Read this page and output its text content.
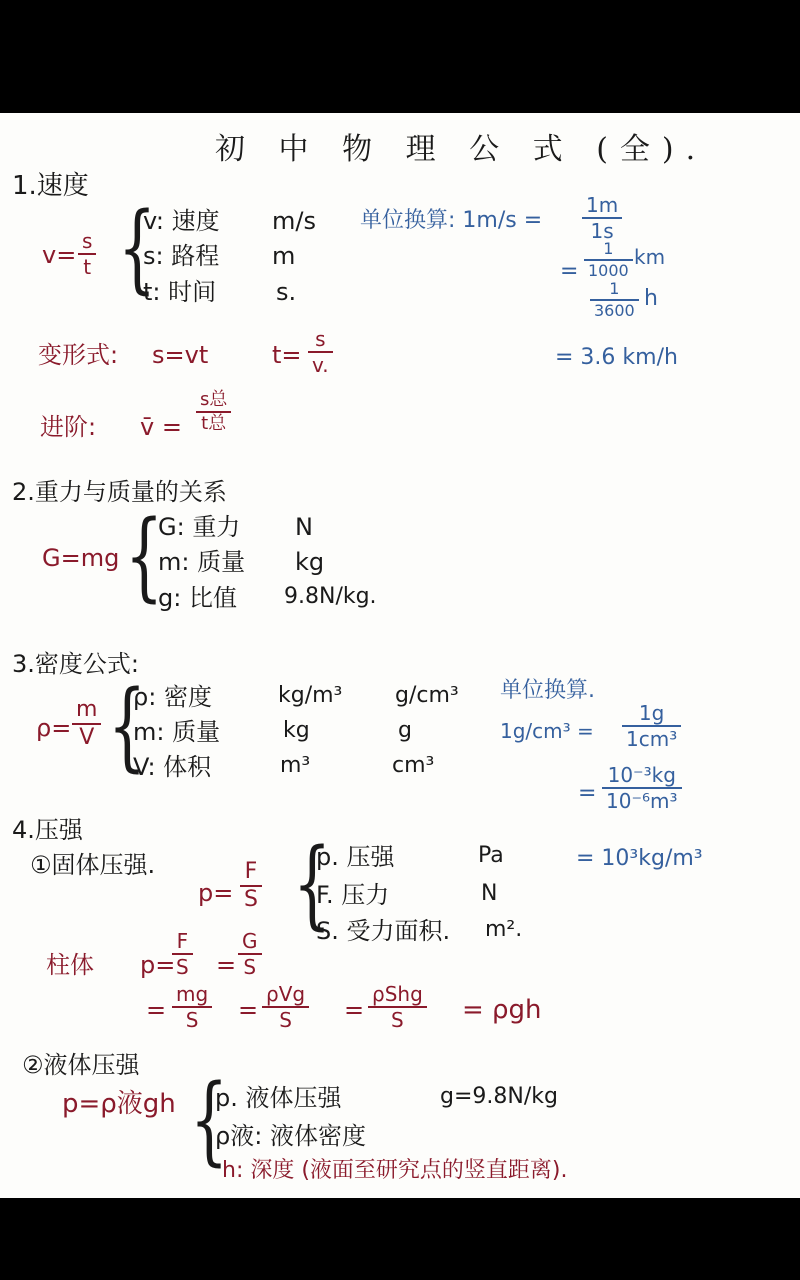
初 中 物 理 公 式 (全).
1.速度
v= s
t {
v: 速度 m/s
s: 路程 m
t: 时间 s.
单位换算: 1m/s =
1m
1s
=
1
1000
km
1
3600 h
= 3.6 km/h
变形式: s=vt	t=
s
v.
进阶: v̄ =
s总
t总
2.重力与质量的关系
G=mg {
G: 重力 N
m: 质量 kg
g: 比值 9.8N/kg.
3.密度公式:
ρ=
m
V {
ρ: 密度	kg/m³ g/cm³
m: 质量	kg	g
V: 体积	m³	cm³
单位换算.
1g/cm³ =
1g
1cm³
=
10⁻³kg
10⁻⁶m³
= 10³kg/m³
4.压强
①固体压强.
p=
F
S {
p. 压强	Pa
F. 压力	N
S. 受力面积. m².
柱体 p=
F
S =
G
S
=
mg
S =
ρVg
S =
ρShg
S = ρgh
②液体压强
p=ρ液gh {
p. 液体压强	g=9.8N/kg
ρ液: 液体密度
h: 深度 (液面至研究点的竖直距离).
